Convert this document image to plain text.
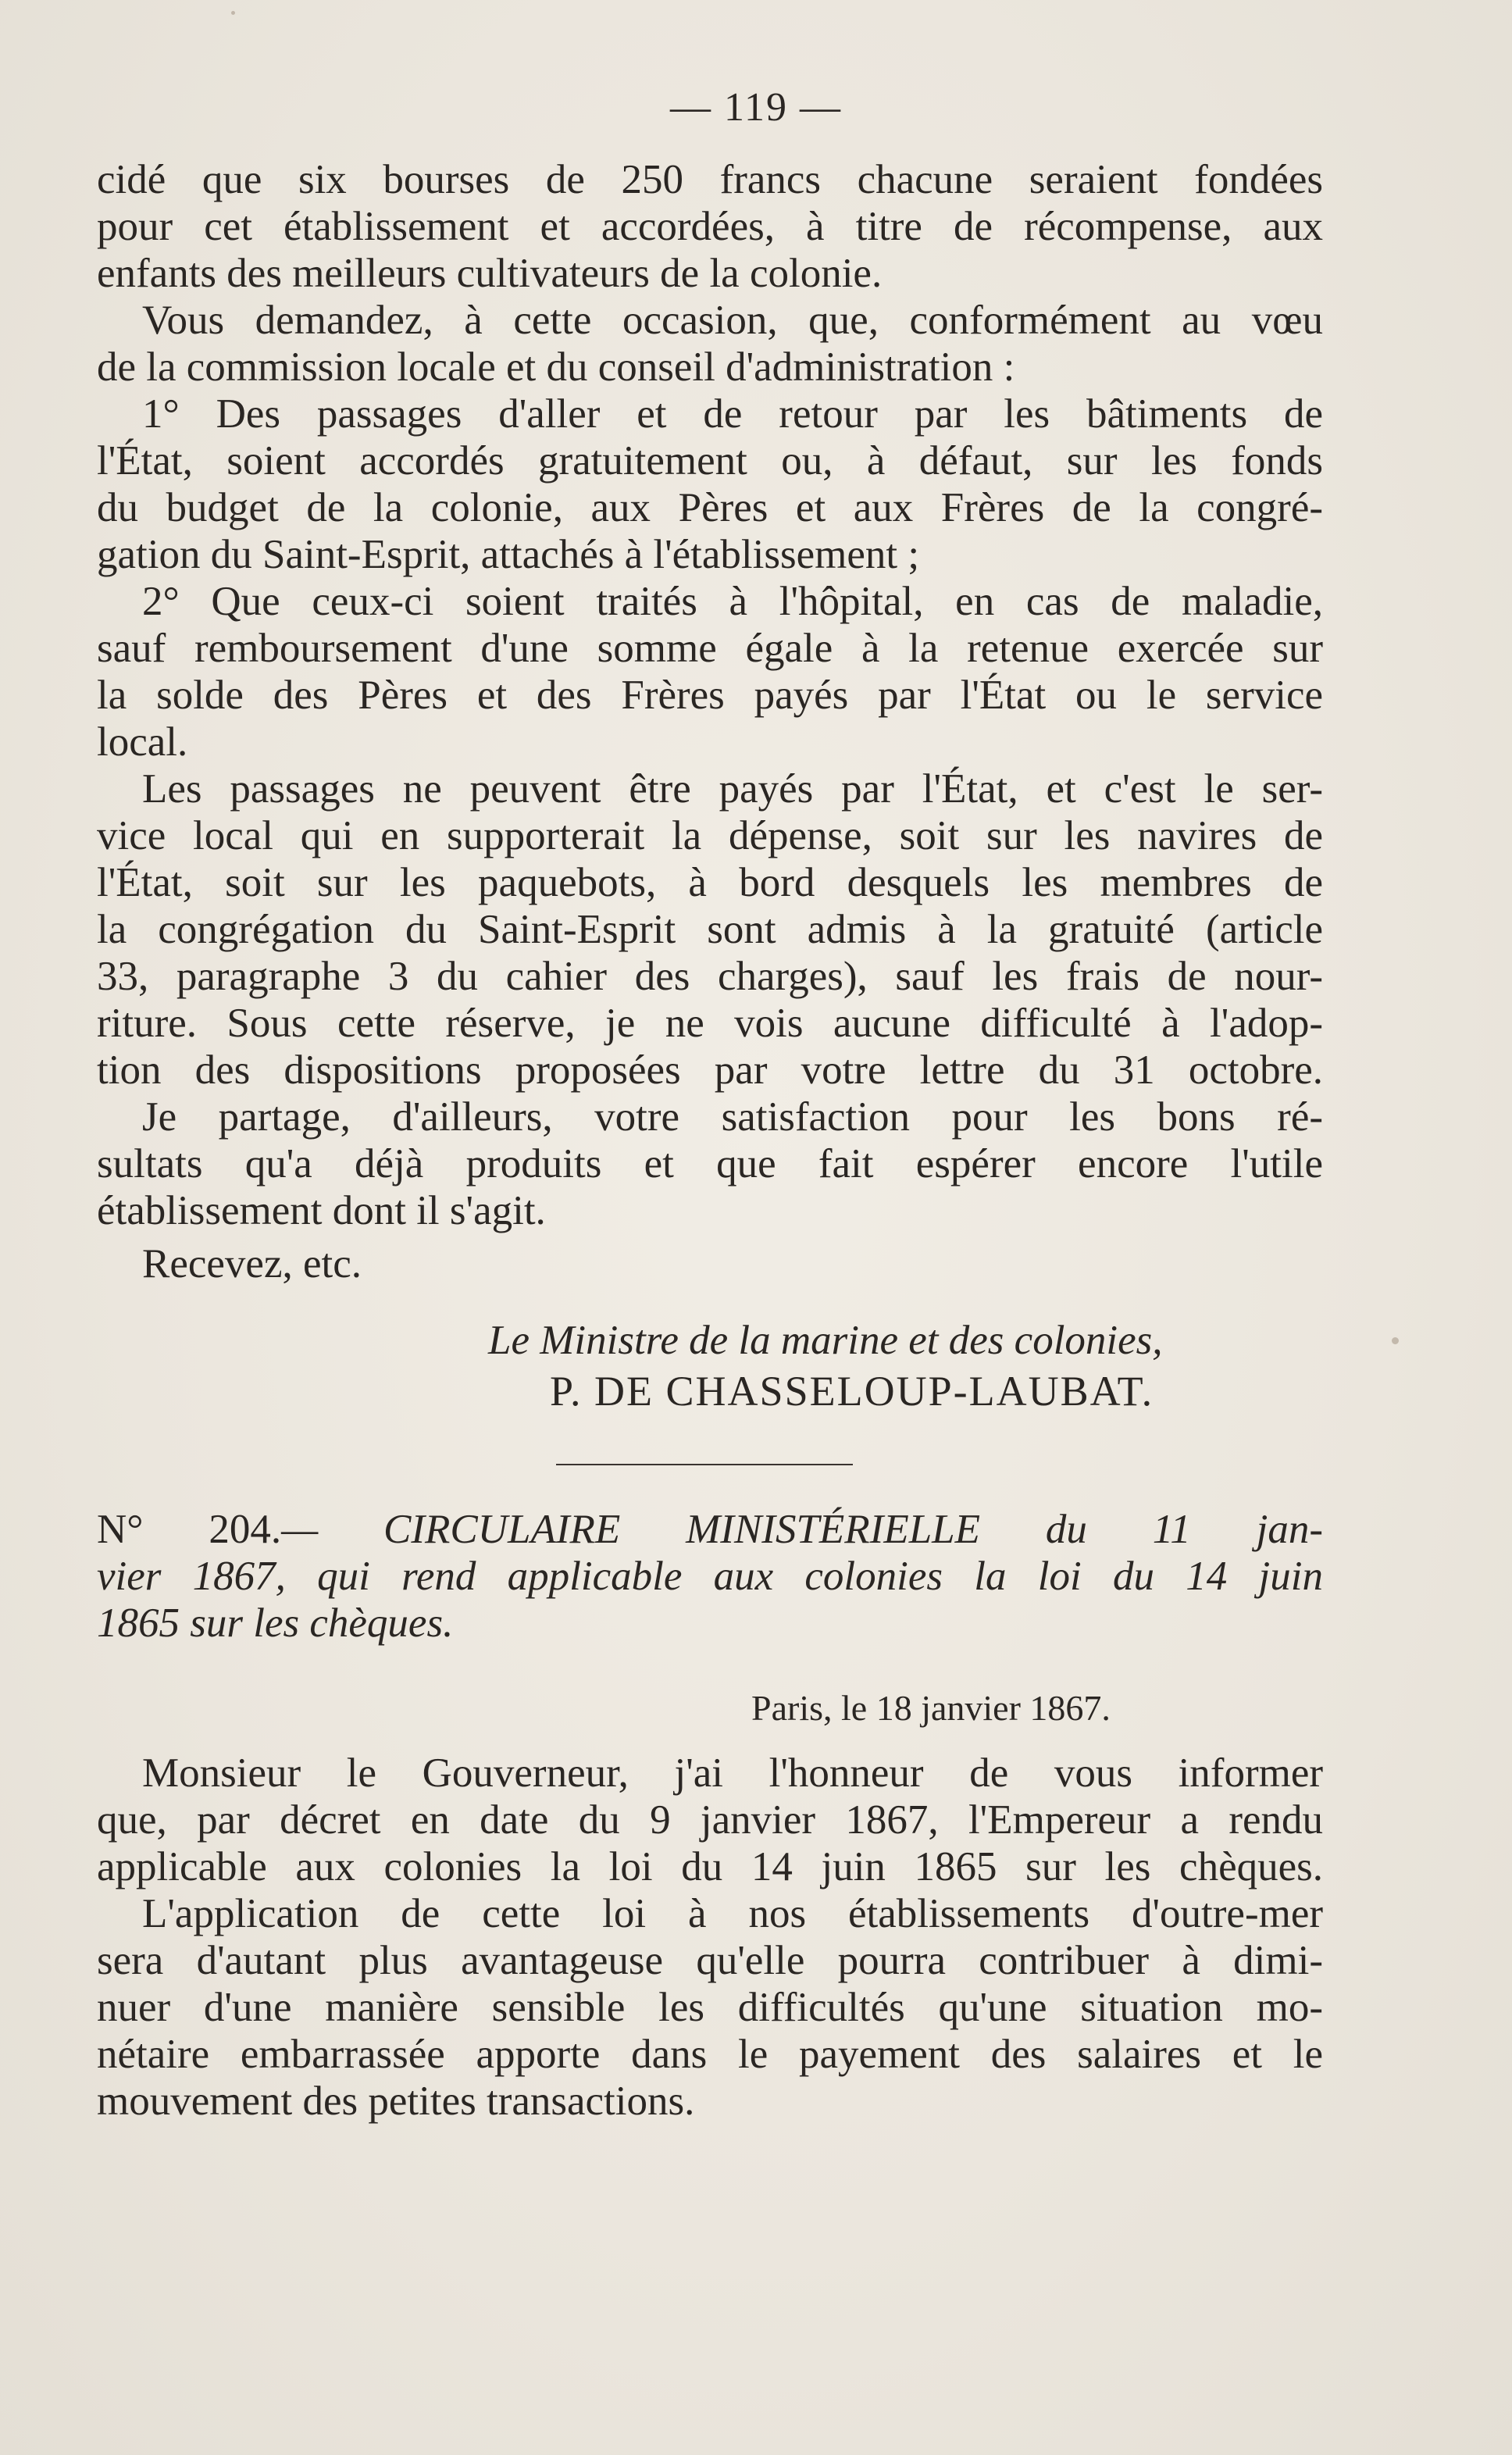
— 119 —
cidé que six bourses de 250 francs chacune seraient fondées
pour cet établissement et accordées, à titre de récompense, aux
enfants des meilleurs cultivateurs de la colonie.
Vous demandez, à cette occasion, que, conformément au vœu
de la commission locale et du conseil d'administration :
1° Des passages d'aller et de retour par les bâtiments de
l'État, soient accordés gratuitement ou, à défaut, sur les fonds
du budget de la colonie, aux Pères et aux Frères de la congré-
gation du Saint-Esprit, attachés à l'établissement ;
2° Que ceux-ci soient traités à l'hôpital, en cas de maladie,
sauf remboursement d'une somme égale à la retenue exercée sur
la solde des Pères et des Frères payés par l'État ou le service
local.
Les passages ne peuvent être payés par l'État, et c'est le ser-
vice local qui en supporterait la dépense, soit sur les navires de
l'État, soit sur les paquebots, à bord desquels les membres de
la congrégation du Saint-Esprit sont admis à la gratuité (article
33, paragraphe 3 du cahier des charges), sauf les frais de nour-
riture. Sous cette réserve, je ne vois aucune difficulté à l'adop-
tion des dispositions proposées par votre lettre du 31 octobre.
Je partage, d'ailleurs, votre satisfaction pour les bons ré-
sultats qu'a déjà produits et que fait espérer encore l'utile
établissement dont il s'agit.
Recevez, etc.
Le Ministre de la marine et des colonies,
P. DE CHASSELOUP-LAUBAT.
N° 204.— CIRCULAIRE MINISTÉRIELLE du 11 jan-
vier 1867, qui rend applicable aux colonies la loi du 14 juin
1865 sur les chèques.
Paris, le 18 janvier 1867.
Monsieur le Gouverneur, j'ai l'honneur de vous informer
que, par décret en date du 9 janvier 1867, l'Empereur a rendu
applicable aux colonies la loi du 14 juin 1865 sur les chèques.
L'application de cette loi à nos établissements d'outre-mer
sera d'autant plus avantageuse qu'elle pourra contribuer à dimi-
nuer d'une manière sensible les difficultés qu'une situation mo-
nétaire embarrassée apporte dans le payement des salaires et le
mouvement des petites transactions.
